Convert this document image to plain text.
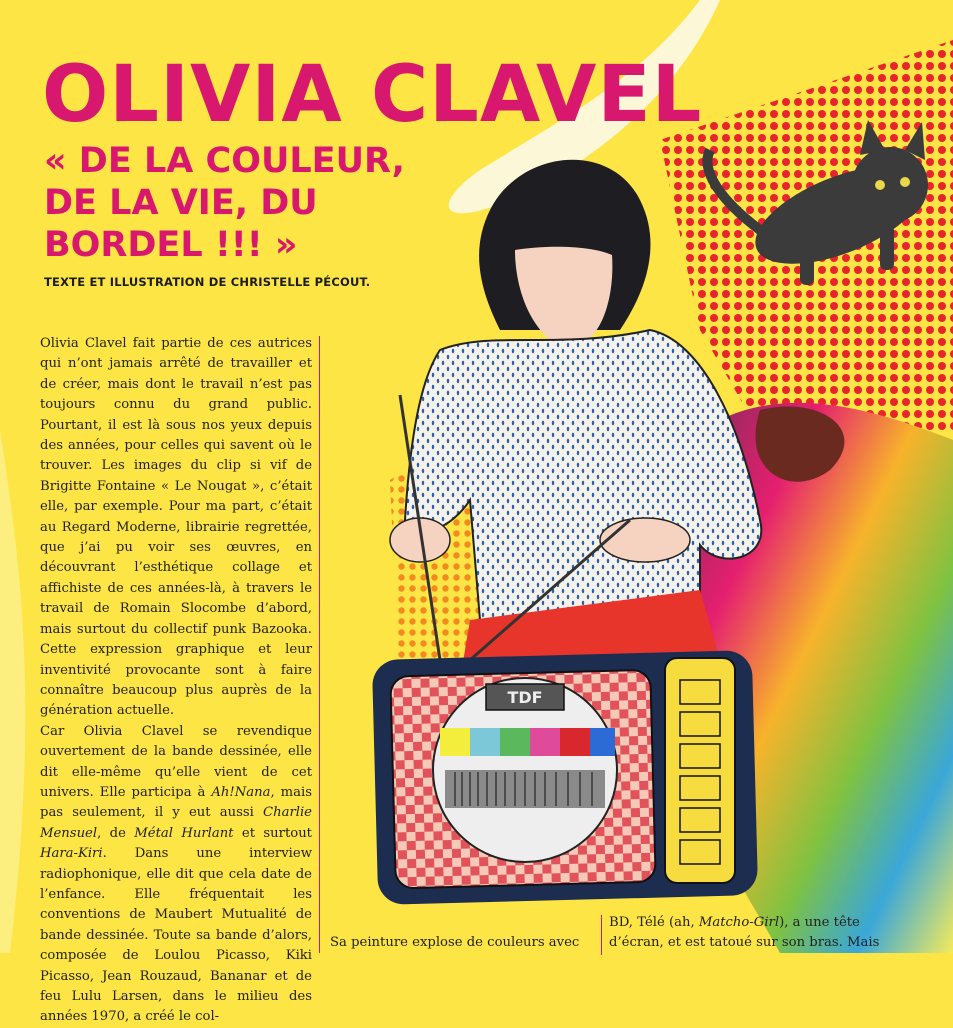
TDF
OLIVIA CLAVEL
« DE LA COULEUR,
DE LA VIE, DU
BORDEL !!! »

TEXTE ET ILLUSTRATION DE CHRISTELLE PÉCOUT.

Olivia Clavel fait partie de ces autrices qui n’ont jamais arrêté de travailler et de créer, mais dont le travail n’est pas toujours connu du grand public. Pourtant, il est là sous nos yeux depuis des années, pour celles qui savent où le trouver. Les images du clip si vif de Brigitte Fontaine « Le Nougat », c’était elle, par exemple. Pour ma part, c’était au Regard Moderne, librairie regrettée, que j’ai pu voir ses œuvres, en découvrant l’esthétique collage et affichiste de ces années-là, à travers le travail de Romain Slocombe d’abord, mais surtout du collectif punk Bazooka. Cette expression graphique et leur inventivité provocante sont à faire connaître beaucoup plus auprès de la génération actuelle.

Car Olivia Clavel se revendique ouvertement de la bande dessinée, elle dit elle-même qu’elle vient de cet univers. Elle participa à Ah!Nana, mais pas seulement, il y eut aussi Charlie Mensuel, de Métal Hurlant et surtout Hara-Kiri. Dans une interview radiophonique, elle dit que cela date de l’enfance. Elle fréquentait les conventions de Maubert Mutualité de bande dessinée. Toute sa bande d’alors, composée de Loulou Picasso, Kiki Picasso, Jean Rouzaud, Bananar et de feu Lulu Larsen, dans le milieu des années 1970, a créé le col-

Sa peinture explose de couleurs avec

BD, Télé (ah, Matcho-Girl), a une tête

d’écran, et est tatoué sur son bras. Mais
